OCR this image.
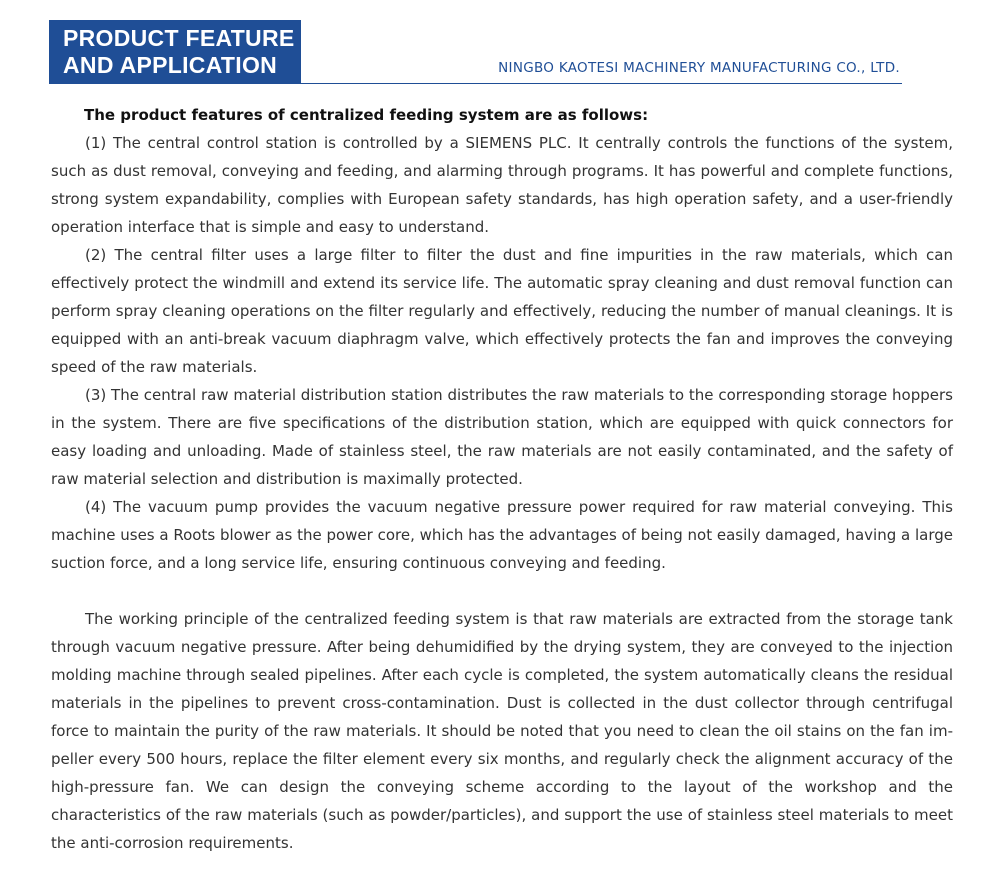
PRODUCT FEATURE
AND APPLICATION	NINGBO KAOTESI MACHINERY MANUFACTURING CO., LTD.

The product features of centralized feeding system are as follows:

(1) The central control station is controlled by a SIEMENS PLC. It centrally controls the functions of the system, such as dust removal, conveying and feeding, and alarming through programs. It has powerful and complete functions, strong system expandability, complies with European safety standards, has high operation safety, and a user-friendly operation interface that is simple and easy to understand.

(2) The central filter uses a large filter to filter the dust and fine impurities in the raw materials, which can effectively protect the windmill and extend its service life. The automatic spray cleaning and dust removal function can perform spray cleaning operations on the filter regularly and effectively, reducing the number of manual cleanings. It is equipped with an anti-break vacuum diaphragm valve, which effectively protects the fan and improves the conveying speed of the raw materials.

(3) The central raw material distribution station distributes the raw materials to the corresponding storage hoppers in the system. There are five specifications of the distribution station, which are equipped with quick connectors for easy loading and unloading. Made of stainless steel, the raw materials are not easily contaminated, and the safety of raw material selection and distribution is maximally protected.

(4) The vacuum pump provides the vacuum negative pressure power required for raw material conveying. This machine uses a Roots blower as the power core, which has the advantages of being not easily damaged, having a large suction force, and a long service life, ensuring continuous conveying and feeding.

The working principle of the centralized feeding system is that raw materials are extracted from the storage tank through vacuum negative pressure. After being dehumidified by the drying system, they are conveyed to the injection molding machine through sealed pipelines. After each cycle is completed, the system automatically cleans the residual materials in the pipelines to prevent cross-contamination. Dust is collected in the dust collector through centrifugal force to maintain the purity of the raw materials. It should be noted that you need to clean the oil stains on the fan impeller every 500 hours, replace the filter element every six months, and regularly check the alignment accuracy of the high-pressure fan. We can design the conveying scheme according to the layout of the workshop and the characteristics of the raw materials (such as powder/particles), and support the use of stainless steel materials to meet the anti-corrosion requirements.
